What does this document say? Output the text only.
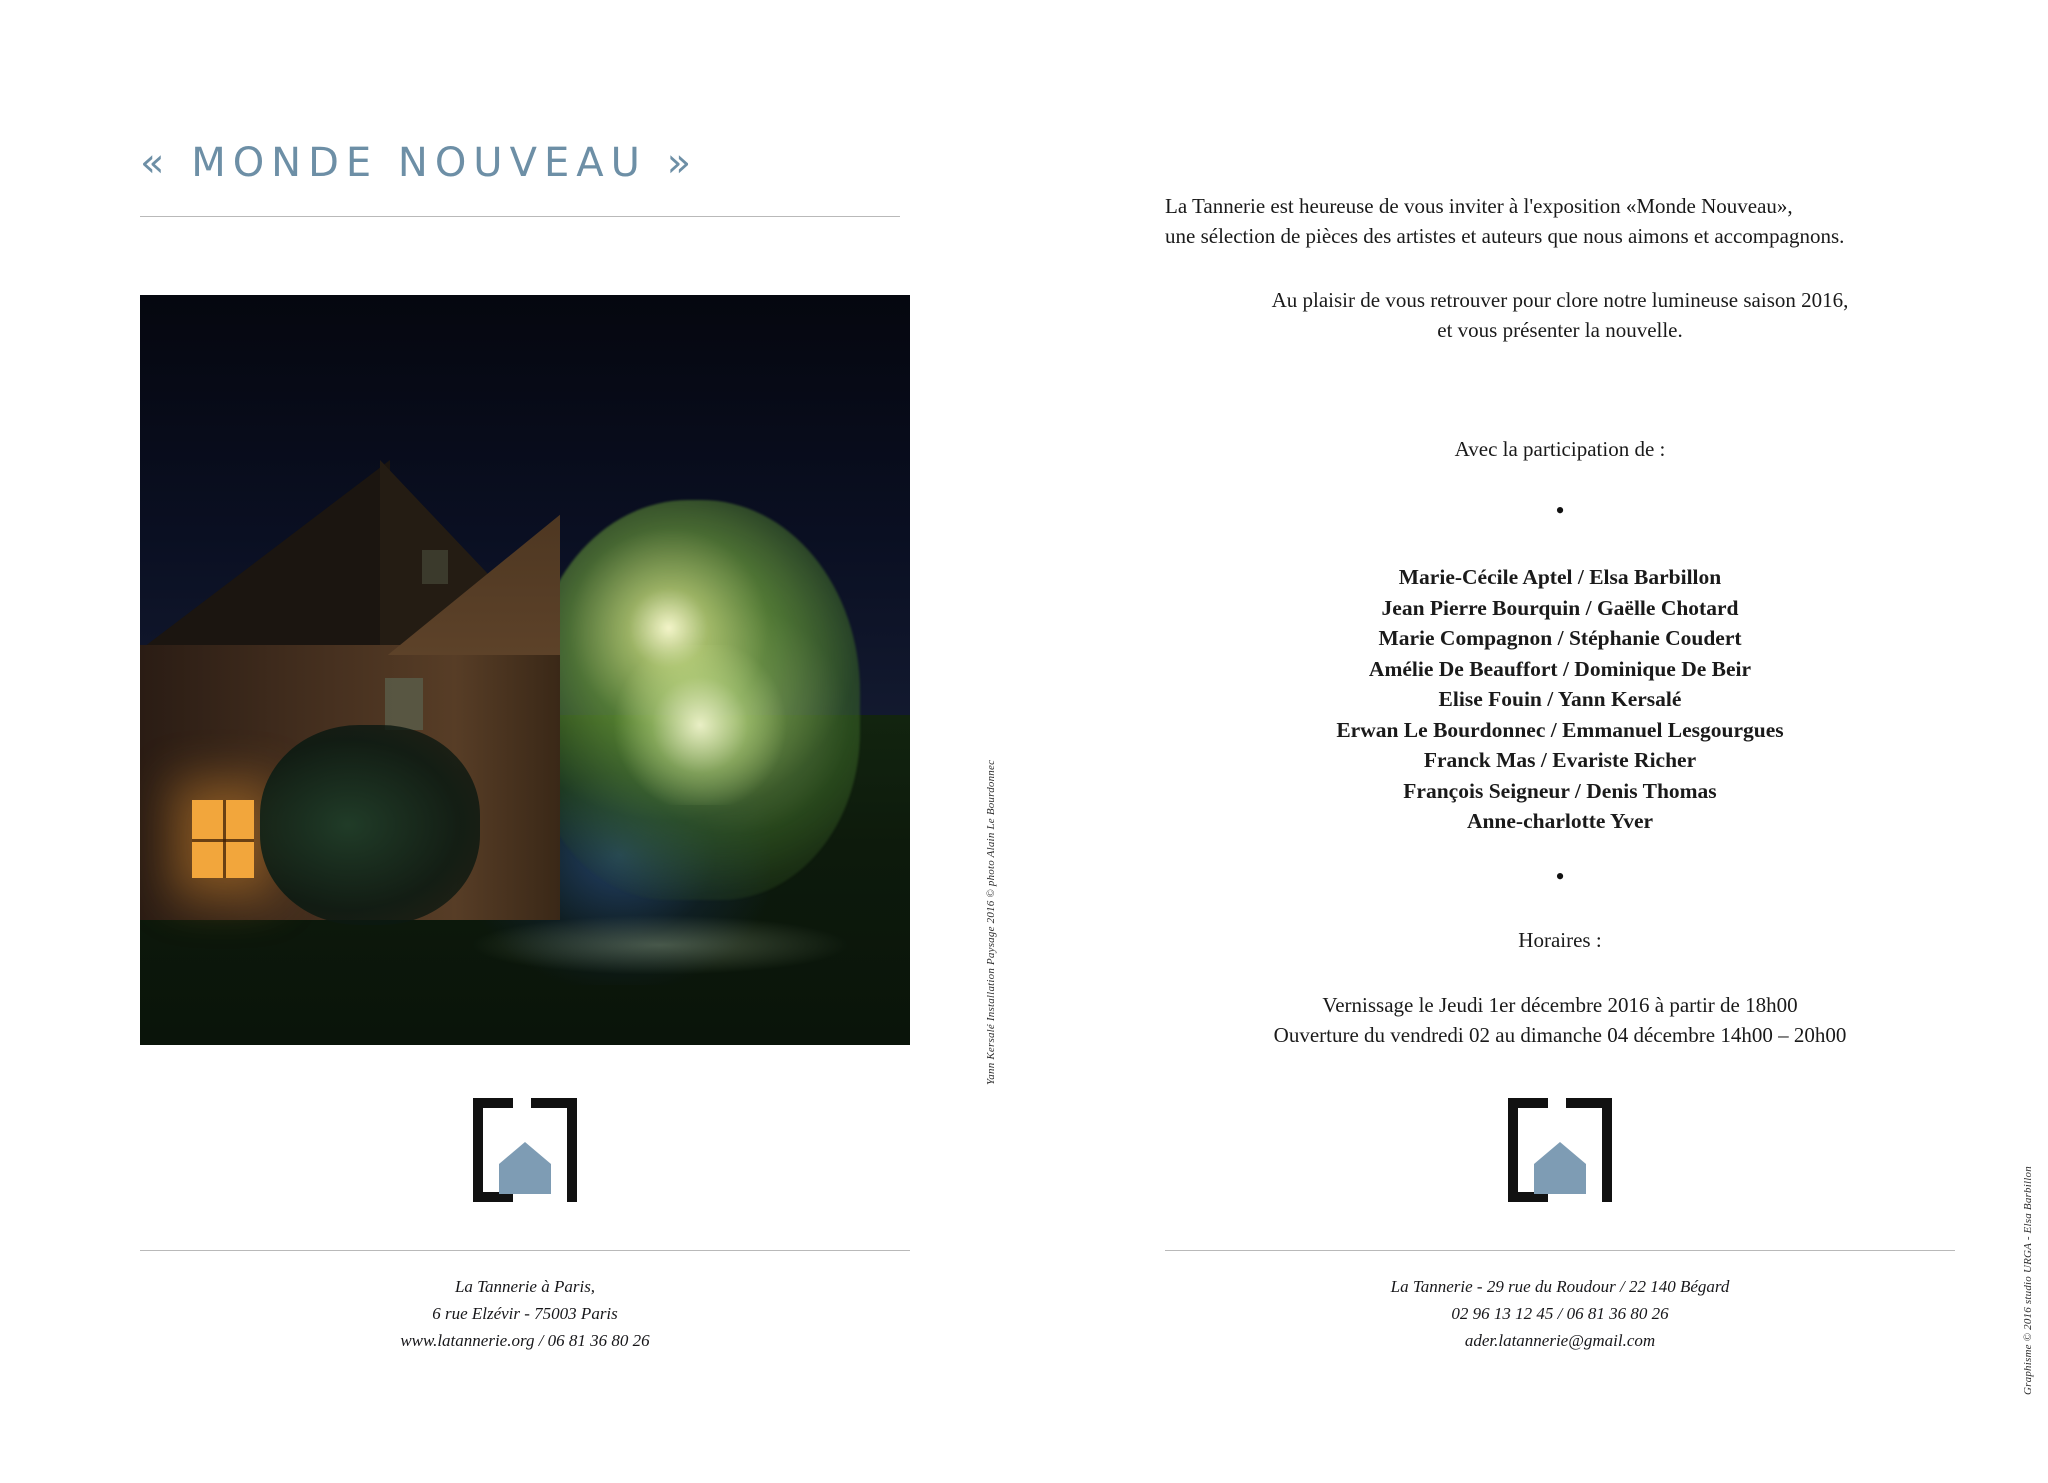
« MONDE NOUVEAU »
La Tannerie à Paris,
6 rue Elzévir - 75003 Paris
www.latannerie.org / 06 81 36 80 26
Yann Kersalé Installation Paysage 2016 © photo Alain Le Bourdonnec
Graphisme © 2016 studio URGA - Elsa Barbillon

La Tannerie est heureuse de vous inviter à l'exposition «Monde Nouveau»,

une sélection de pièces des artistes et auteurs que nous aimons et accompagnons.

Au plaisir de vous retrouver pour clore notre lumineuse saison 2016,

et vous présenter la nouvelle.

Avec la participation de :
•
Marie-Cécile Aptel / Elsa Barbillon
Jean Pierre Bourquin / Gaëlle Chotard
Marie Compagnon / Stéphanie Coudert
Amélie De Beauffort / Dominique De Beir
Elise Fouin / Yann Kersalé
Erwan Le Bourdonnec / Emmanuel Lesgourgues
Franck Mas / Evariste Richer
François Seigneur / Denis Thomas
Anne-charlotte Yver
•
Horaires :
Vernissage le Jeudi 1er décembre 2016 à partir de 18h00
Ouverture du vendredi 02 au dimanche 04 décembre 14h00 – 20h00
La Tannerie - 29 rue du Roudour / 22 140 Bégard
02 96 13 12 45 / 06 81 36 80 26
ader.latannerie@gmail.com
